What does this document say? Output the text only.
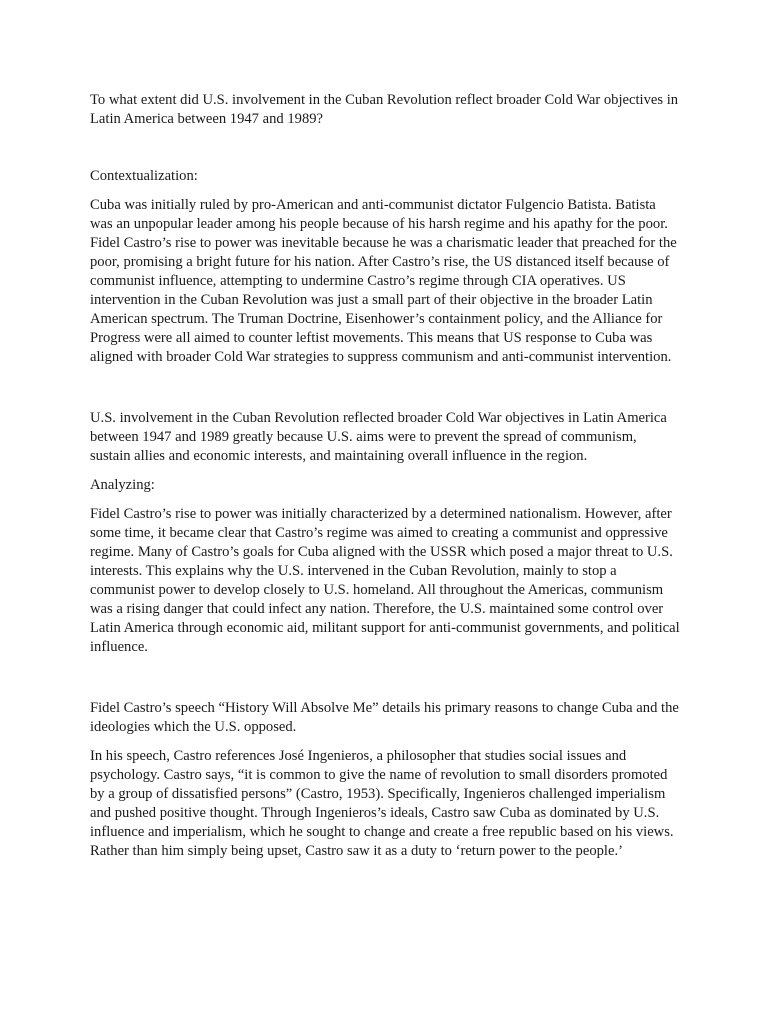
To what extent did U.S. involvement in the Cuban Revolution reflect broader Cold War objectives in Latin America between 1947 and 1989?

Contextualization:

Cuba was initially ruled by pro-American and anti-communist dictator Fulgencio Batista. Batista was an unpopular leader among his people because of his harsh regime and his apathy for the poor. Fidel Castro’s rise to power was inevitable because he was a charismatic leader that preached for the poor, promising a bright future for his nation. After Castro’s rise, the US distanced itself because of communist influence, attempting to undermine Castro’s regime through CIA operatives. US intervention in the Cuban Revolution was just a small part of their objective in the broader Latin American spectrum. The Truman Doctrine, Eisenhower’s containment policy, and the Alliance for Progress were all aimed to counter leftist movements. This means that US response to Cuba was aligned with broader Cold War strategies to suppress communism and anti-communist intervention.

U.S. involvement in the Cuban Revolution reflected broader Cold War objectives in Latin America between 1947 and 1989 greatly because U.S. aims were to prevent the spread of communism, sustain allies and economic interests, and maintaining overall influence in the region.

Analyzing:

Fidel Castro’s rise to power was initially characterized by a determined nationalism. However, after some time, it became clear that Castro’s regime was aimed to creating a communist and oppressive regime. Many of Castro’s goals for Cuba aligned with the USSR which posed a major threat to U.S. interests. This explains why the U.S. intervened in the Cuban Revolution, mainly to stop a communist power to develop closely to U.S. homeland. All throughout the Americas, communism was a rising danger that could infect any nation. Therefore, the U.S. maintained some control over Latin America through economic aid, militant support for anti-communist governments, and political influence.

Fidel Castro’s speech “History Will Absolve Me” details his primary reasons to change Cuba and the ideologies which the U.S. opposed.

In his speech, Castro references José Ingenieros, a philosopher that studies social issues and psychology. Castro says, “it is common to give the name of revolution to small disorders promoted by a group of dissatisfied persons” (Castro, 1953). Specifically, Ingenieros challenged imperialism and pushed positive thought. Through Ingenieros’s ideals, Castro saw Cuba as dominated by U.S. influence and imperialism, which he sought to change and create a free republic based on his views. Rather than him simply being upset, Castro saw it as a duty to ‘return power to the people.’
